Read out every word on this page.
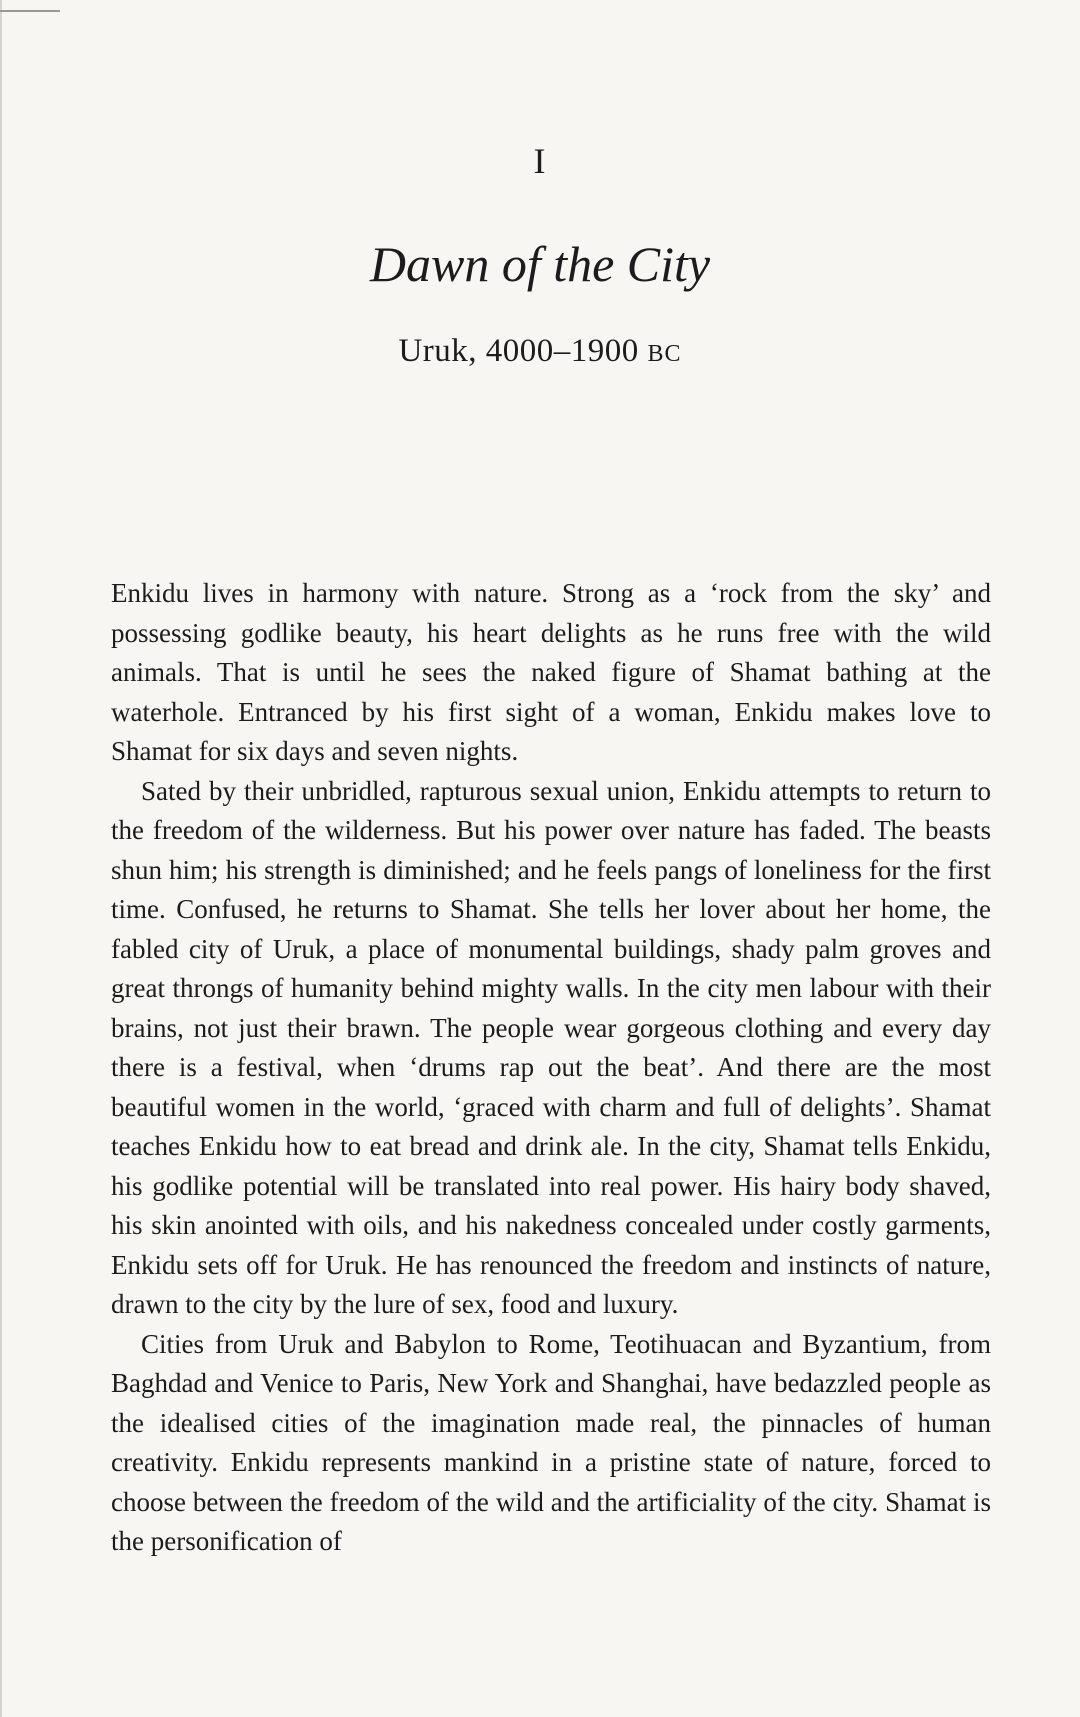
I
Dawn of the City
Uruk, 4000–1900 BC

Enkidu lives in harmony with nature. Strong as a ‘rock from the sky’ and possessing godlike beauty, his heart delights as he runs free with the wild animals. That is until he sees the naked figure of Shamat bathing at the waterhole. Entranced by his first sight of a woman, Enkidu makes love to Shamat for six days and seven nights.

Sated by their unbridled, rapturous sexual union, Enkidu attempts to return to the freedom of the wilderness. But his power over nature has faded. The beasts shun him; his strength is diminished; and he feels pangs of loneliness for the first time. Confused, he returns to Shamat. She tells her lover about her home, the fabled city of Uruk, a place of monumental buildings, shady palm groves and great throngs of humanity behind mighty walls. In the city men labour with their brains, not just their brawn. The people wear gorgeous clothing and every day there is a festival, when ‘drums rap out the beat’. And there are the most beautiful women in the world, ‘graced with charm and full of delights’. Shamat teaches Enkidu how to eat bread and drink ale. In the city, Shamat tells Enkidu, his godlike potential will be translated into real power. His hairy body shaved, his skin anointed with oils, and his nakedness concealed under costly garments, Enkidu sets off for Uruk. He has renounced the freedom and instincts of nature, drawn to the city by the lure of sex, food and luxury.

Cities from Uruk and Babylon to Rome, Teotihuacan and Byzantium, from Baghdad and Venice to Paris, New York and Shanghai, have bedazzled people as the idealised cities of the imagination made real, the pinnacles of human creativity. Enkidu represents mankind in a pristine state of nature, forced to choose between the freedom of the wild and the artificiality of the city. Shamat is the personification of
